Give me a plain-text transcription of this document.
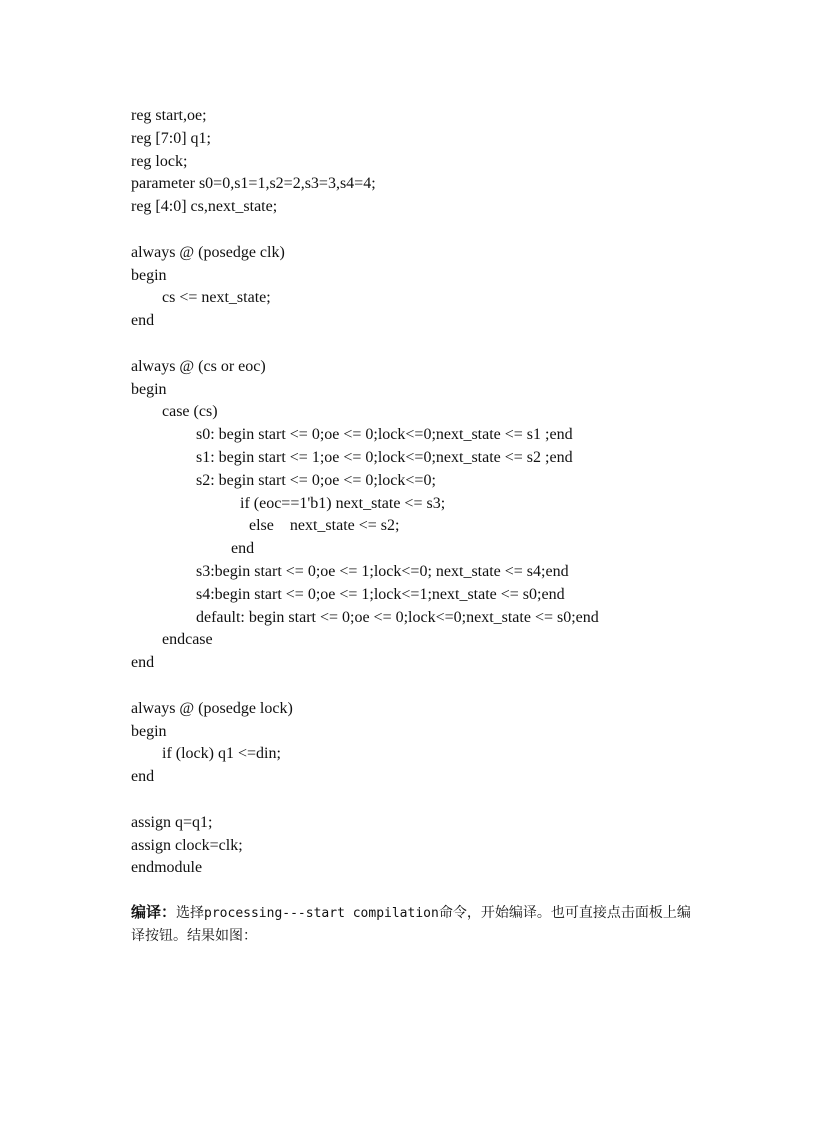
reg start,oe;
reg [7:0] q1;
reg lock;
parameter s0=0,s1=1,s2=2,s3=3,s4=4;
reg [4:0] cs,next_state;
always @ (posedge clk)
begin
cs <= next_state;
end
always @ (cs or eoc)
begin
case (cs)
s0: begin start <= 0;oe <= 0;lock<=0;next_state <= s1 ;end
s1: begin start <= 1;oe <= 0;lock<=0;next_state <= s2 ;end
s2: begin start <= 0;oe <= 0;lock<=0;
if (eoc==1'b1) next_state <= s3;
else    next_state <= s2;
end
s3:begin start <= 0;oe <= 1;lock<=0; next_state <= s4;end
s4:begin start <= 0;oe <= 1;lock<=1;next_state <= s0;end
default: begin start <= 0;oe <= 0;lock<=0;next_state <= s0;end
endcase
end
always @ (posedge lock)
begin
if (lock) q1 <=din;
end
assign q=q1;
assign clock=clk;
endmodule
编译：选择processing---start compilation命令，开始编译。也可直接点击面板上编译按钮。结果如图：
